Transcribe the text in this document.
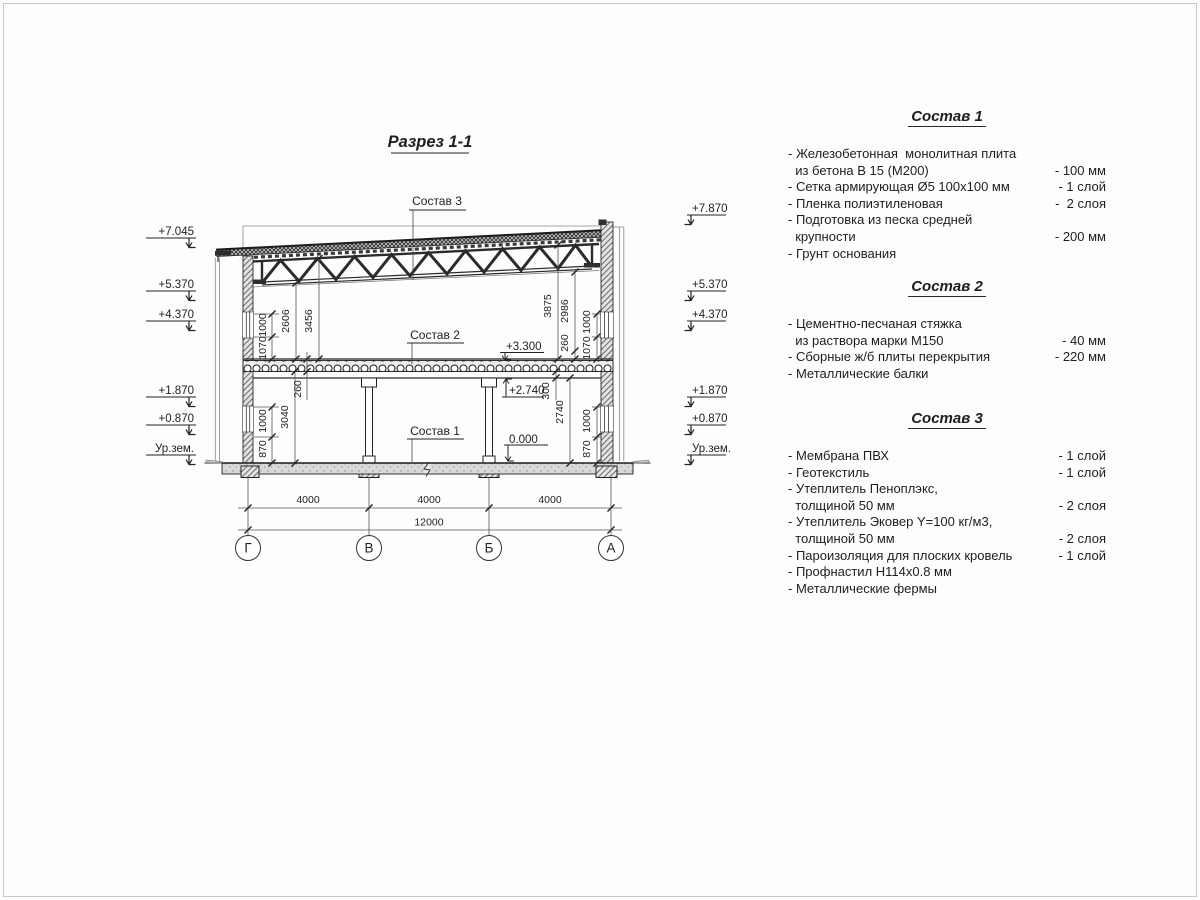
Разрез 1-1
+7.045
+5.370
+4.370
+1.870
+0.870
Ур.зем.
+7.870
+5.370
+4.370
+1.870
+0.870
Ур.зем.
+3.300
+2.740
0.000
Состав 3
Состав 2
Состав 1
1000
1070
2606 3456
260
3040
1000
870
3875 2986
260
1000
1070
300
2740 1000
870
4000	4000	4000
12000
Г	В	Б	А
Состав 1
- Железобетонная  монолитная плита
из бетона В 15 (М200)	- 100 мм
- Сетка армирующая Ø5 100х100 мм	- 1 слой
- Пленка полиэтиленовая	-  2 слоя
- Подготовка из песка средней
крупности	- 200 мм
- Грунт основания
Состав 2
- Цементно-песчаная стяжка
из раствора марки М150	- 40 мм
- Сборные ж/б плиты перекрытия	- 220 мм
- Металлические балки
Состав 3
- Мембрана ПВХ	- 1 слой
- Геотекстиль	- 1 слой
- Утеплитель Пеноплэкс,
толщиной 50 мм	- 2 слоя
- Утеплитель Эковер Y=100 кг/м3,
толщиной 50 мм	- 2 слоя
- Пароизоляция для плоских кровель	- 1 слой
- Профнастил Н114х0.8 мм
- Металлические фермы
